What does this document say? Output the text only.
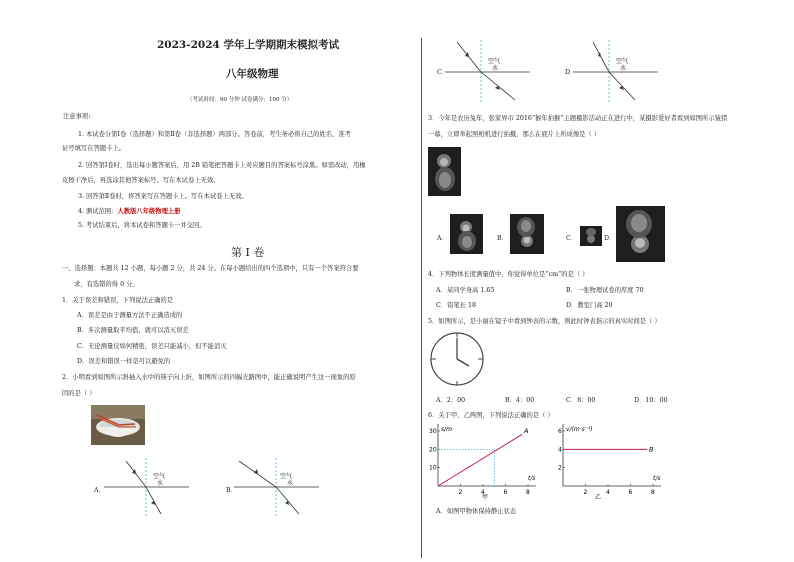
2023-2024 学年上学期期末模拟考试
八年级物理
（考试时间：90 分钟 试卷满分：100 分）
注意事项:
1. 本试卷分第Ⅰ卷（选择题）和第Ⅱ卷（非选择题）两部分。答卷前，考生务必将自己的姓名、准考
证号填写在答题卡上。
2. 回答第Ⅰ卷时，选出每小题答案后，用 2B 铅笔把答题卡上对应题目的答案标号涂黑。如需改动，用橡
皮擦干净后，再选涂其他答案标号。写在本试卷上无效。
3. 回答第Ⅱ卷时，将答案写在答题卡上。写在本试卷上无效。
4. 测试范围：人教版八年级物理上册
5. 考试结束后，将本试卷和答题卡一并交回。
第 I 卷
一、选择题：本题共 12 小题，每小题 2 分，共 24 分。在每小题给出的四个选项中，只有一个答案符合要
求，有选错的得 0 分。
1．关于误差和错误，下列说法正确的是
A．误差是由于测量方法不正确造成的
B．多次测量取平均值，就可以消灭误差
C．无论测量仪如何精密，误差只能减小，但不能消灭
D．误差和错误一样是可以避免的
2．小明看到如图所示斜插入水中的筷子向上折，如图所示的四幅光路图中，能正确说明产生这一现象的原
因的是（ ）
A．
空气
水
B．
空气
水
C．
空气
水
D．
空气
水
3．今年是农历兔年，张家界市 2016“猴年拍猴”主题摄影活动正在进行中，某摄影爱好者看到如图所示猿猪
一幕，立即举起照相机进行拍摄，那么在底片上所成像是（ ）
A．	B．	C．	D．
4．下列物体长度测量值中，你觉得单位是“cm”的是（ ）
A．某同学身高 1.65	B．一张物理试卷的厚度 70
C．铅笔长 18	D．教室门高 20
5．如图所示，是小丽在镜子中看到钟表的示数，则此时钟表指示的真实时间是（ ）
A．2：00	B．4：00	C．8：00	D．10：00
6．关于甲、乙两图，下列说法正确的是（ ）
2	4	6	8
10
20
30 s/m
t/s
甲
A
2	4	6	8
2
4
6 v/(m·s⁻¹)
t/s
乙
B
A．如图甲物体保持静止状态
